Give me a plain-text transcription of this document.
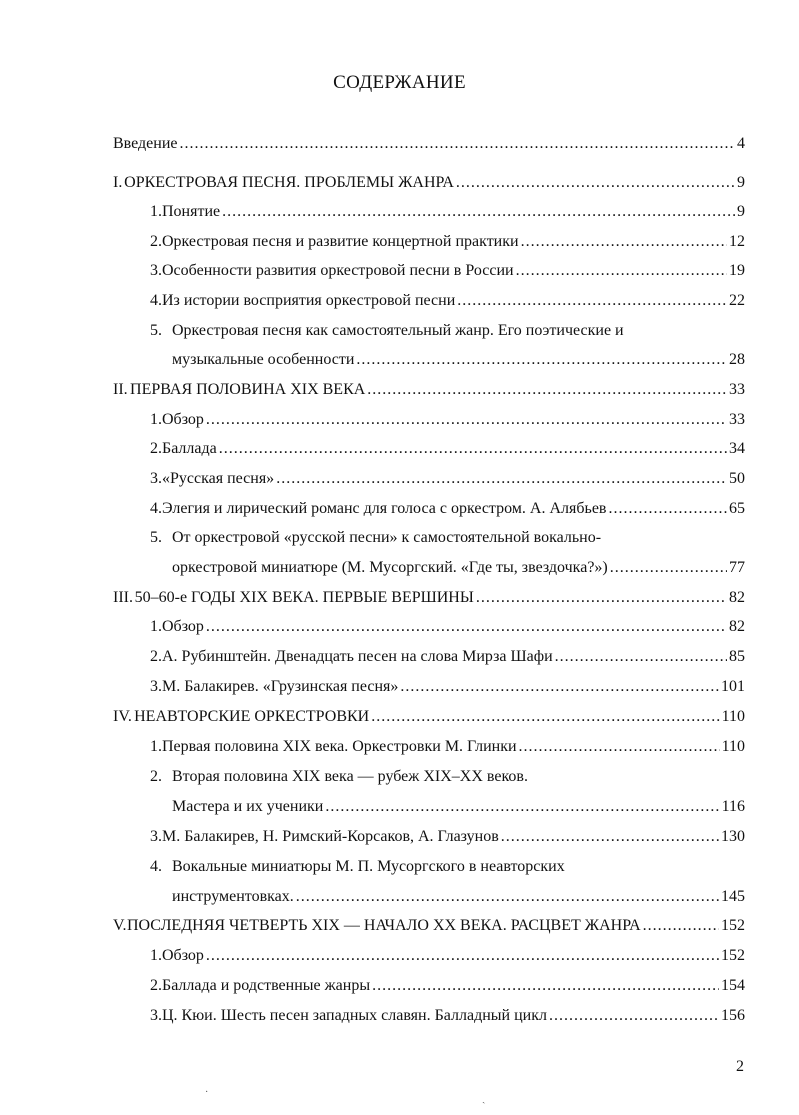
СОДЕРЖАНИЕ
Введение .....	4
I. ОРКЕСТРОВАЯ ПЕСНЯ. ПРОБЛЕМЫ ЖАНРА .....	9
1. Понятие .....	9
2. Оркестровая песня и развитие концертной практики .....	12
3. Особенности развития оркестровой песни в России .....	19
4. Из истории восприятия оркестровой песни .....	22
5. Оркестровая песня как самостоятельный жанр. Его поэтические и
музыкальные особенности .....	28
II. ПЕРВАЯ ПОЛОВИНА XIX ВЕКА .....	33
1. Обзор .....	33
2. Баллада .....	34
3. «Русская песня» .....	50
4. Элегия и лирический романс для голоса с оркестром. А. Алябьев .....	65
5. От оркестровой «русской песни» к самостоятельной вокально-
оркестровой миниатюре (М. Мусоргский. «Где ты, звездочка?») .....	77
III. 50–60-е ГОДЫ XIX ВЕКА. ПЕРВЫЕ ВЕРШИНЫ .....	82
1. Обзор .....	82
2. А. Рубинштейн. Двенадцать песен на слова Мирза Шафи .....	85
3. М. Балакирев. «Грузинская песня» .....	101
IV. НЕАВТОРСКИЕ ОРКЕСТРОВКИ .....	110
1. Первая половина XIX века. Оркестровки М. Глинки .....	110
2. Вторая половина XIX века — рубеж XIX–XX веков.
Мастера и их ученики .....	116
3. М. Балакирев, Н. Римский-Корсаков, А. Глазунов .....	130
4. Вокальные миниатюры М. П. Мусоргского в неавторских
инструментовках. .....	145
V. ПОСЛЕДНЯЯ ЧЕТВЕРТЬ XIX — НАЧАЛО XX ВЕКА. РАСЦВЕТ ЖАНРА .....	152
1. Обзор .....	152
2. Баллада и родственные жанры .....	154
3. Ц. Кюи. Шесть песен западных славян. Балладный цикл .....	156
2
·
ˎ
